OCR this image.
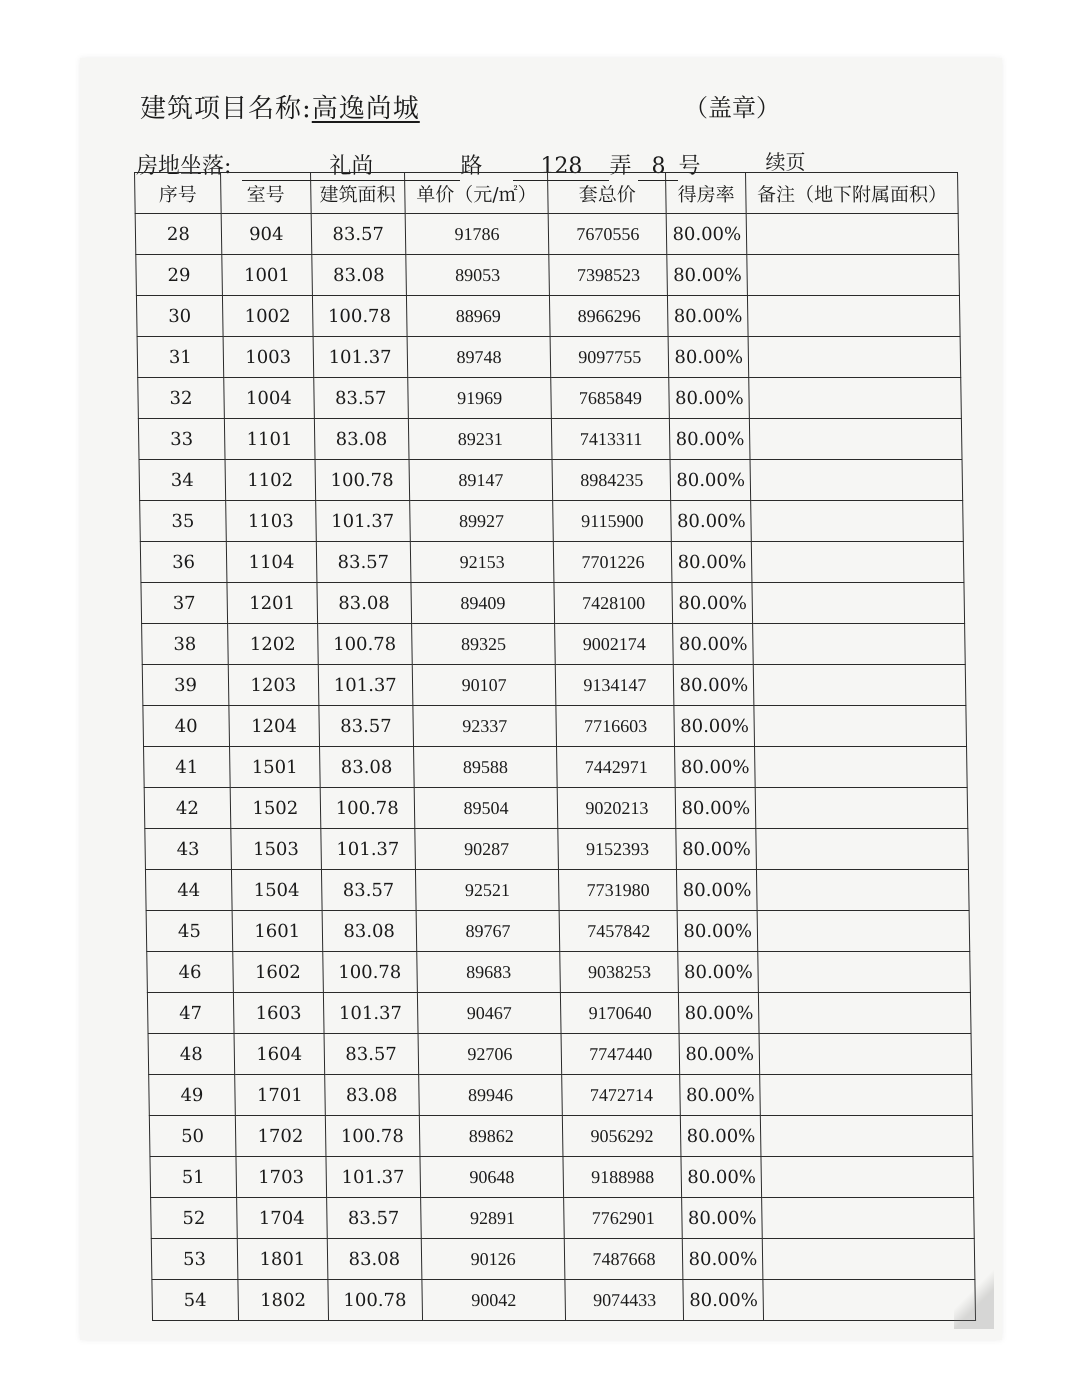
建筑项目名称:高逸尚城	（盖章）
房地坐落:	礼尚	路	128 弄 8 号	续页
序号	室号	建筑面积	单价（元/㎡）	套总价	得房率	备注（地下附属面积）
28	904	83.57	91786	7670556	80.00%	
29	1001	83.08	89053	7398523	80.00%	
30	1002	100.78	88969	8966296	80.00%	
31	1003	101.37	89748	9097755	80.00%	
32	1004	83.57	91969	7685849	80.00%	
33	1101	83.08	89231	7413311	80.00%	
34	1102	100.78	89147	8984235	80.00%	
35	1103	101.37	89927	9115900	80.00%	
36	1104	83.57	92153	7701226	80.00%	
37	1201	83.08	89409	7428100	80.00%	
38	1202	100.78	89325	9002174	80.00%	
39	1203	101.37	90107	9134147	80.00%	
40	1204	83.57	92337	7716603	80.00%	
41	1501	83.08	89588	7442971	80.00%	
42	1502	100.78	89504	9020213	80.00%	
43	1503	101.37	90287	9152393	80.00%	
44	1504	83.57	92521	7731980	80.00%	
45	1601	83.08	89767	7457842	80.00%	
46	1602	100.78	89683	9038253	80.00%	
47	1603	101.37	90467	9170640	80.00%	
48	1604	83.57	92706	7747440	80.00%	
49	1701	83.08	89946	7472714	80.00%	
50	1702	100.78	89862	9056292	80.00%	
51	1703	101.37	90648	9188988	80.00%	
52	1704	83.57	92891	7762901	80.00%	
53	1801	83.08	90126	7487668	80.00%	
54	1802	100.78	90042	9074433	80.00%	
